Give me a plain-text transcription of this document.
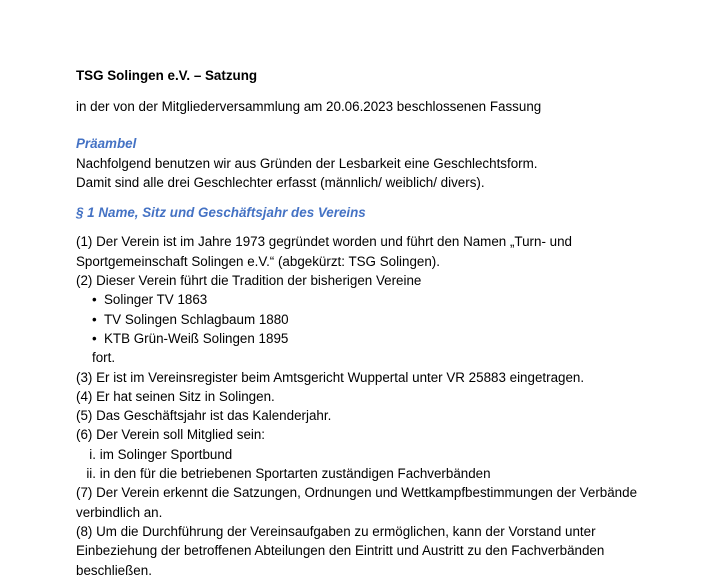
TSG Solingen e.V. – Satzung

in der von der Mitgliederversammlung am 20.06.2023 beschlossenen Fassung

Präambel

Nachfolgend benutzen wir aus Gründen der Lesbarkeit eine Geschlechtsform.

Damit sind alle drei Geschlechter erfasst (männlich/ weiblich/ divers).

§ 1 Name, Sitz und Geschäftsjahr des Vereins

(1) Der Verein ist im Jahre 1973 gegründet worden und führt den Namen „Turn- und

Sportgemeinschaft Solingen e.V.“ (abgekürzt: TSG Solingen).

(2) Dieser Verein führt die Tradition der bisherigen Vereine

• Solinger TV 1863
• TV Solingen Schlagbaum 1880
• KTB Grün-Weiß Solingen 1895

fort.

(3) Er ist im Vereinsregister beim Amtsgericht Wuppertal unter VR 25883 eingetragen.

(4) Er hat seinen Sitz in Solingen.

(5) Das Geschäftsjahr ist das Kalenderjahr.

(6) Der Verein soll Mitglied sein:

i. im Solinger Sportbund
ii. in den für die betriebenen Sportarten zuständigen Fachverbänden

(7) Der Verein erkennt die Satzungen, Ordnungen und Wettkampfbestimmungen der Verbände

verbindlich an.

(8) Um die Durchführung der Vereinsaufgaben zu ermöglichen, kann der Vorstand unter

Einbeziehung der betroffenen Abteilungen den Eintritt und Austritt zu den Fachverbänden

beschließen.
